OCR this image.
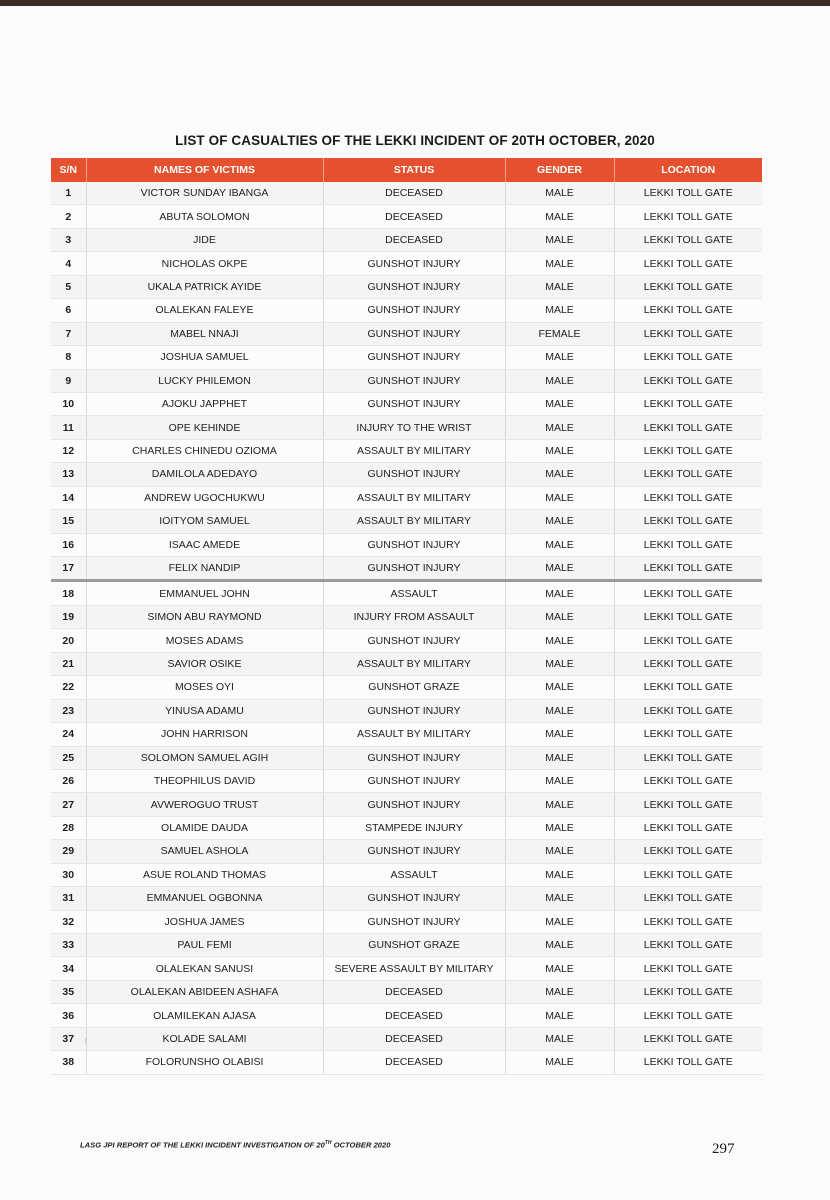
LIST OF CASUALTIES OF THE LEKKI INCIDENT OF 20TH OCTOBER, 2020
S/N	NAMES OF VICTIMS	STATUS	GENDER	LOCATION
1	VICTOR SUNDAY IBANGA	DECEASED	MALE	LEKKI TOLL GATE
2	ABUTA SOLOMON	DECEASED	MALE	LEKKI TOLL GATE
3	JIDE	DECEASED	MALE	LEKKI TOLL GATE
4	NICHOLAS OKPE	GUNSHOT INJURY	MALE	LEKKI TOLL GATE
5	UKALA PATRICK AYIDE	GUNSHOT INJURY	MALE	LEKKI TOLL GATE
6	OLALEKAN FALEYE	GUNSHOT INJURY	MALE	LEKKI TOLL GATE
7	MABEL NNAJI	GUNSHOT INJURY	FEMALE	LEKKI TOLL GATE
8	JOSHUA SAMUEL	GUNSHOT INJURY	MALE	LEKKI TOLL GATE
9	LUCKY PHILEMON	GUNSHOT INJURY	MALE	LEKKI TOLL GATE
10	AJOKU JAPPHET	GUNSHOT INJURY	MALE	LEKKI TOLL GATE
11	OPE KEHINDE	INJURY TO THE WRIST	MALE	LEKKI TOLL GATE
12	CHARLES CHINEDU OZIOMA	ASSAULT BY MILITARY	MALE	LEKKI TOLL GATE
13	DAMILOLA ADEDAYO	GUNSHOT INJURY	MALE	LEKKI TOLL GATE
14	ANDREW UGOCHUKWU	ASSAULT BY MILITARY	MALE	LEKKI TOLL GATE
15	IOITYOM SAMUEL	ASSAULT BY MILITARY	MALE	LEKKI TOLL GATE
16	ISAAC AMEDE	GUNSHOT INJURY	MALE	LEKKI TOLL GATE
17	FELIX NANDIP	GUNSHOT INJURY	MALE	LEKKI TOLL GATE
18	EMMANUEL JOHN	ASSAULT	MALE	LEKKI TOLL GATE
19	SIMON ABU RAYMOND	INJURY FROM ASSAULT	MALE	LEKKI TOLL GATE
20	MOSES ADAMS	GUNSHOT INJURY	MALE	LEKKI TOLL GATE
21	SAVIOR OSIKE	ASSAULT BY MILITARY	MALE	LEKKI TOLL GATE
22	MOSES OYI	GUNSHOT GRAZE	MALE	LEKKI TOLL GATE
23	YINUSA ADAMU	GUNSHOT INJURY	MALE	LEKKI TOLL GATE
24	JOHN HARRISON	ASSAULT BY MILITARY	MALE	LEKKI TOLL GATE
25	SOLOMON SAMUEL AGIH	GUNSHOT INJURY	MALE	LEKKI TOLL GATE
26	THEOPHILUS DAVID	GUNSHOT INJURY	MALE	LEKKI TOLL GATE
27	AVWEROGUO TRUST	GUNSHOT INJURY	MALE	LEKKI TOLL GATE
28	OLAMIDE DAUDA	STAMPEDE INJURY	MALE	LEKKI TOLL GATE
29	SAMUEL ASHOLA	GUNSHOT INJURY	MALE	LEKKI TOLL GATE
30	ASUE ROLAND THOMAS	ASSAULT	MALE	LEKKI TOLL GATE
31	EMMANUEL OGBONNA	GUNSHOT INJURY	MALE	LEKKI TOLL GATE
32	JOSHUA JAMES	GUNSHOT INJURY	MALE	LEKKI TOLL GATE
33	PAUL FEMI	GUNSHOT GRAZE	MALE	LEKKI TOLL GATE
34	OLALEKAN SANUSI	SEVERE ASSAULT BY MILITARY	MALE	LEKKI TOLL GATE
35	OLALEKAN ABIDEEN ASHAFA	DECEASED	MALE	LEKKI TOLL GATE
36	OLAMILEKAN AJASA	DECEASED	MALE	LEKKI TOLL GATE
37	KOLADE SALAMI	DECEASED	MALE	LEKKI TOLL GATE
38	FOLORUNSHO OLABISI	DECEASED	MALE	LEKKI TOLL GATE
LASG JPI REPORT OF THE LEKKI INCIDENT INVESTIGATION OF 20TH OCTOBER 2020	297
